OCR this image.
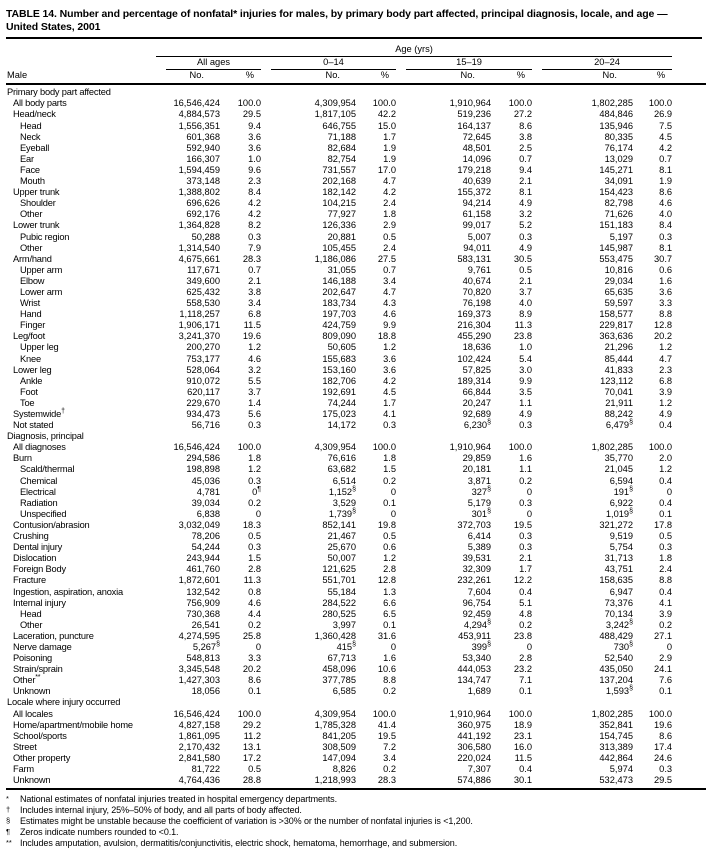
TABLE 14. Number and percentage of nonfatal* injuries for males, by primary body part affected, principal diagnosis, locale, and age — United States, 2001
	Age (yrs)								

	All ages		0–14		15–19		20–24		

Male	No.	%	No.	%	No.	%	No.	%	
Primary body part affected									
All body parts	16,546,424	100.0	4,309,954	100.0	1,910,964	100.0	1,802,285	100.0	
Head/neck	4,884,573	29.5	1,817,105	42.2	519,236	27.2	484,846	26.9	
Head	1,556,351	9.4	646,755	15.0	164,137	8.6	135,946	7.5	
Neck	601,368	3.6	71,188	1.7	72,645	3.8	80,335	4.5	
Eyeball	592,940	3.6	82,684	1.9	48,501	2.5	76,174	4.2	
Ear	166,307	1.0	82,754	1.9	14,096	0.7	13,029	0.7	
Face	1,594,459	9.6	731,557	17.0	179,218	9.4	145,271	8.1	
Mouth	373,148	2.3	202,168	4.7	40,639	2.1	34,091	1.9	
Upper trunk	1,388,802	8.4	182,142	4.2	155,372	8.1	154,423	8.6	
Shoulder	696,626	4.2	104,215	2.4	94,214	4.9	82,798	4.6	
Other	692,176	4.2	77,927	1.8	61,158	3.2	71,626	4.0	
Lower trunk	1,364,828	8.2	126,336	2.9	99,017	5.2	151,183	8.4	
Pubic region	50,288	0.3	20,881	0.5	5,007	0.3	5,197	0.3	
Other	1,314,540	7.9	105,455	2.4	94,011	4.9	145,987	8.1	
Arm/hand	4,675,661	28.3	1,186,086	27.5	583,131	30.5	553,475	30.7	
Upper arm	117,671	0.7	31,055	0.7	9,761	0.5	10,816	0.6	
Elbow	349,600	2.1	146,188	3.4	40,674	2.1	29,034	1.6	
Lower arm	625,432	3.8	202,647	4.7	70,820	3.7	65,635	3.6	
Wrist	558,530	3.4	183,734	4.3	76,198	4.0	59,597	3.3	
Hand	1,118,257	6.8	197,703	4.6	169,373	8.9	158,577	8.8	
Finger	1,906,171	11.5	424,759	9.9	216,304	11.3	229,817	12.8	
Leg/foot	3,241,370	19.6	809,090	18.8	455,290	23.8	363,636	20.2	
Upper leg	200,270	1.2	50,605	1.2	18,636	1.0	21,296	1.2	
Knee	753,177	4.6	155,683	3.6	102,424	5.4	85,444	4.7	
Lower leg	528,064	3.2	153,160	3.6	57,825	3.0	41,833	2.3	
Ankle	910,072	5.5	182,706	4.2	189,314	9.9	123,112	6.8	
Foot	620,117	3.7	192,691	4.5	66,844	3.5	70,041	3.9	
Toe	229,670	1.4	74,244	1.7	20,247	1.1	21,911	1.2	
Systemwide†	934,473	5.6	175,023	4.1	92,689	4.9	88,242	4.9	
Not stated	56,716	0.3	14,172	0.3	6,230§	0.3	6,479§	0.4	
Diagnosis, principal									
All diagnoses	16,546,424	100.0	4,309,954	100.0	1,910,964	100.0	1,802,285	100.0	
Burn	294,586	1.8	76,616	1.8	29,859	1.6	35,770	2.0	
Scald/thermal	198,898	1.2	63,682	1.5	20,181	1.1	21,045	1.2	
Chemical	45,036	0.3	6,514	0.2	3,871	0.2	6,594	0.4	
Electrical	4,781	0¶	1,152§	0	327§	0	191§	0	
Radiation	39,034	0.2	3,529	0.1	5,179	0.3	6,922	0.4	
Unspecified	6,838	0	1,739§	0	301§	0	1,019§	0.1	
Contusion/abrasion	3,032,049	18.3	852,141	19.8	372,703	19.5	321,272	17.8	
Crushing	78,206	0.5	21,467	0.5	6,414	0.3	9,519	0.5	
Dental injury	54,244	0.3	25,670	0.6	5,389	0.3	5,754	0.3	
Dislocation	243,944	1.5	50,007	1.2	39,531	2.1	31,713	1.8	
Foreign Body	461,760	2.8	121,625	2.8	32,309	1.7	43,751	2.4	
Fracture	1,872,601	11.3	551,701	12.8	232,261	12.2	158,635	8.8	
Ingestion, aspiration, anoxia	132,542	0.8	55,184	1.3	7,604	0.4	6,947	0.4	
Internal injury	756,909	4.6	284,522	6.6	96,754	5.1	73,376	4.1	
Head	730,368	4.4	280,525	6.5	92,459	4.8	70,134	3.9	
Other	26,541	0.2	3,997	0.1	4,294§	0.2	3,242§	0.2	
Laceration, puncture	4,274,595	25.8	1,360,428	31.6	453,911	23.8	488,429	27.1	
Nerve damage	5,267§	0	415§	0	399§	0	730§	0	
Poisoning	548,813	3.3	67,713	1.6	53,340	2.8	52,540	2.9	
Strain/sprain	3,345,548	20.2	458,096	10.6	444,053	23.2	435,050	24.1	
Other**	1,427,303	8.6	377,785	8.8	134,747	7.1	137,204	7.6	
Unknown	18,056	0.1	6,585	0.2	1,689	0.1	1,593§	0.1	
Locale where injury occurred									
All locales	16,546,424	100.0	4,309,954	100.0	1,910,964	100.0	1,802,285	100.0	
Home/apartment/mobile home	4,827,158	29.2	1,785,328	41.4	360,975	18.9	352,841	19.6	
School/sports	1,861,095	11.2	841,205	19.5	441,192	23.1	154,745	8.6	
Street	2,170,432	13.1	308,509	7.2	306,580	16.0	313,389	17.4	
Other property	2,841,580	17.2	147,094	3.4	220,024	11.5	442,864	24.6	
Farm	81,722	0.5	8,826	0.2	7,307	0.4	5,974	0.3	
Unknown	4,764,436	28.8	1,218,993	28.3	574,886	30.1	532,473	29.5	
*	National estimates of nonfatal injuries treated in hospital emergency departments.
†	Includes internal injury, 25%–50% of body, and all parts of body affected.
§	Estimates might be unstable because the coefficient of variation is >30% or the number of nonfatal injuries is <1,200.
¶	Zeros indicate numbers rounded to <0.1.
** Includes amputation, avulsion, dermatitis/conjunctivitis, electric shock, hematoma, hemorrhage, and submersion.
